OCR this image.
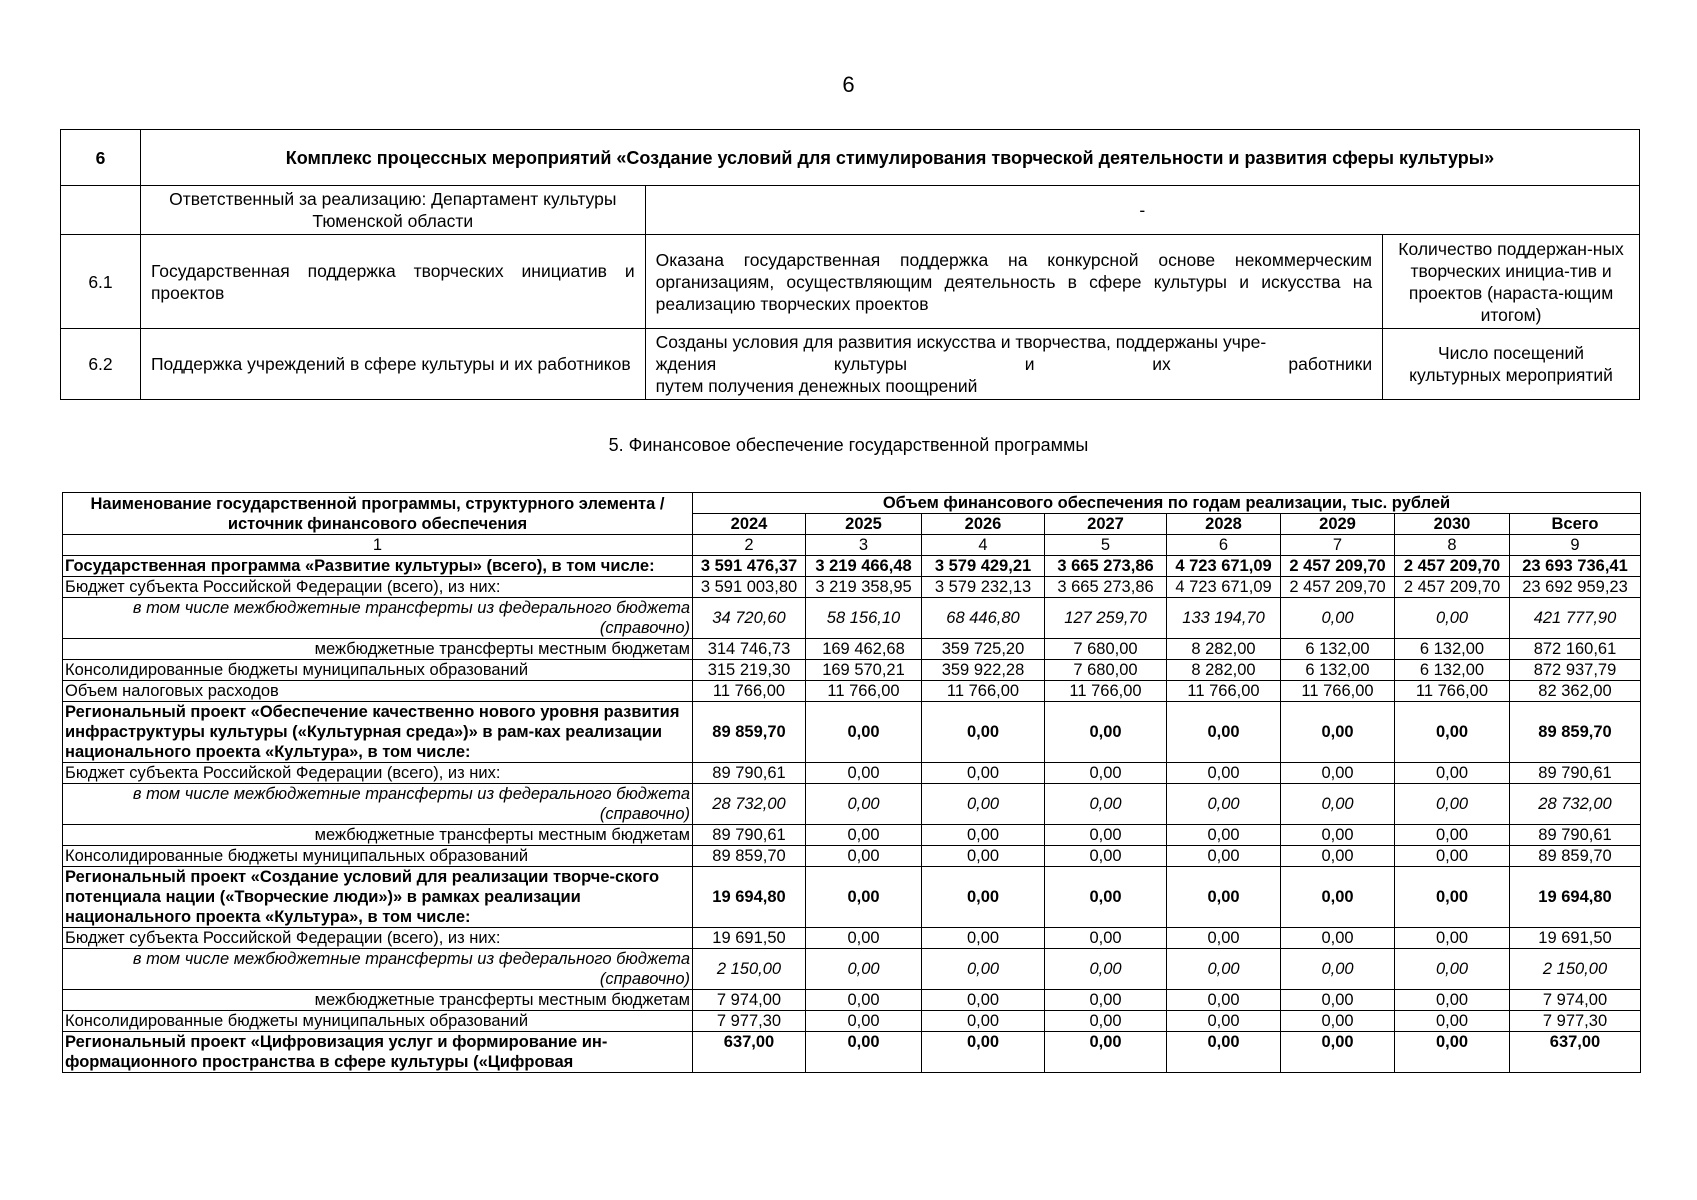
6
6	Комплекс процессных мероприятий «Создание условий для стимулирования творческой деятельности и развития сферы культуры»		
	Ответственный за реализацию: Департамент культуры Тюменской области	-	
6.1	Государственная поддержка творческих инициатив и проектов	Оказана государственная поддержка на конкурсной основе некоммерческим организациям, осуществляющим деятельность в сфере культуры и искусства на реализацию творческих проектов	Количество поддержан-ных творческих инициа-тив и проектов (нараста-ющим итогом)
6.2	Поддержка учреждений в сфере культуры и их работников	Созданы условия для развития искусства и творчества, поддержаны учре-
ждения культуры и их работники
путем получения денежных поощрений	Число посещений культурных мероприятий
5. Финансовое обеспечение государственной программы
Наименование государственной программы, структурного элемента / источник финансового обеспечения	Объем финансового обеспечения по годам реализации, тыс. рублей							
	2024	2025	2026	2027	2028	2029	2030	Всего
1	2	3	4	5	6	7	8	9
Государственная программа «Развитие культуры» (всего), в том числе:	3 591 476,37	3 219 466,48	3 579 429,21	3 665 273,86	4 723 671,09	2 457 209,70	2 457 209,70	23 693 736,41
Бюджет субъекта Российской Федерации (всего), из них:	3 591 003,80	3 219 358,95	3 579 232,13	3 665 273,86	4 723 671,09	2 457 209,70	2 457 209,70	23 692 959,23
в том числе межбюджетные трансферты из федерального бюджета (справочно)	34 720,60	58 156,10	68 446,80	127 259,70	133 194,70	0,00	0,00	421 777,90
межбюджетные трансферты местным бюджетам	314 746,73	169 462,68	359 725,20	7 680,00	8 282,00	6 132,00	6 132,00	872 160,61
Консолидированные бюджеты муниципальных образований	315 219,30	169 570,21	359 922,28	7 680,00	8 282,00	6 132,00	6 132,00	872 937,79
Объем налоговых расходов	11 766,00	11 766,00	11 766,00	11 766,00	11 766,00	11 766,00	11 766,00	82 362,00
Региональный проект «Обеспечение качественно нового уровня развития инфраструктуры культуры («Культурная среда»)» в рам-ках реализации национального проекта «Культура», в том числе:	89 859,70	0,00	0,00	0,00	0,00	0,00	0,00	89 859,70
Бюджет субъекта Российской Федерации (всего), из них:	89 790,61	0,00	0,00	0,00	0,00	0,00	0,00	89 790,61
в том числе межбюджетные трансферты из федерального бюджета (справочно)	28 732,00	0,00	0,00	0,00	0,00	0,00	0,00	28 732,00
межбюджетные трансферты местным бюджетам	89 790,61	0,00	0,00	0,00	0,00	0,00	0,00	89 790,61
Консолидированные бюджеты муниципальных образований	89 859,70	0,00	0,00	0,00	0,00	0,00	0,00	89 859,70
Региональный проект «Создание условий для реализации творче-ского потенциала нации («Творческие люди»)» в рамках реализации национального проекта «Культура», в том числе:	19 694,80	0,00	0,00	0,00	0,00	0,00	0,00	19 694,80
Бюджет субъекта Российской Федерации (всего), из них:	19 691,50	0,00	0,00	0,00	0,00	0,00	0,00	19 691,50
в том числе межбюджетные трансферты из федерального бюджета (справочно)	2 150,00	0,00	0,00	0,00	0,00	0,00	0,00	2 150,00
межбюджетные трансферты местным бюджетам	7 974,00	0,00	0,00	0,00	0,00	0,00	0,00	7 974,00
Консолидированные бюджеты муниципальных образований	7 977,30	0,00	0,00	0,00	0,00	0,00	0,00	7 977,30
Региональный проект «Цифровизация услуг и формирование ин-формационного пространства в сфере культуры («Цифровая	637,00	0,00	0,00	0,00	0,00	0,00	0,00	637,00
